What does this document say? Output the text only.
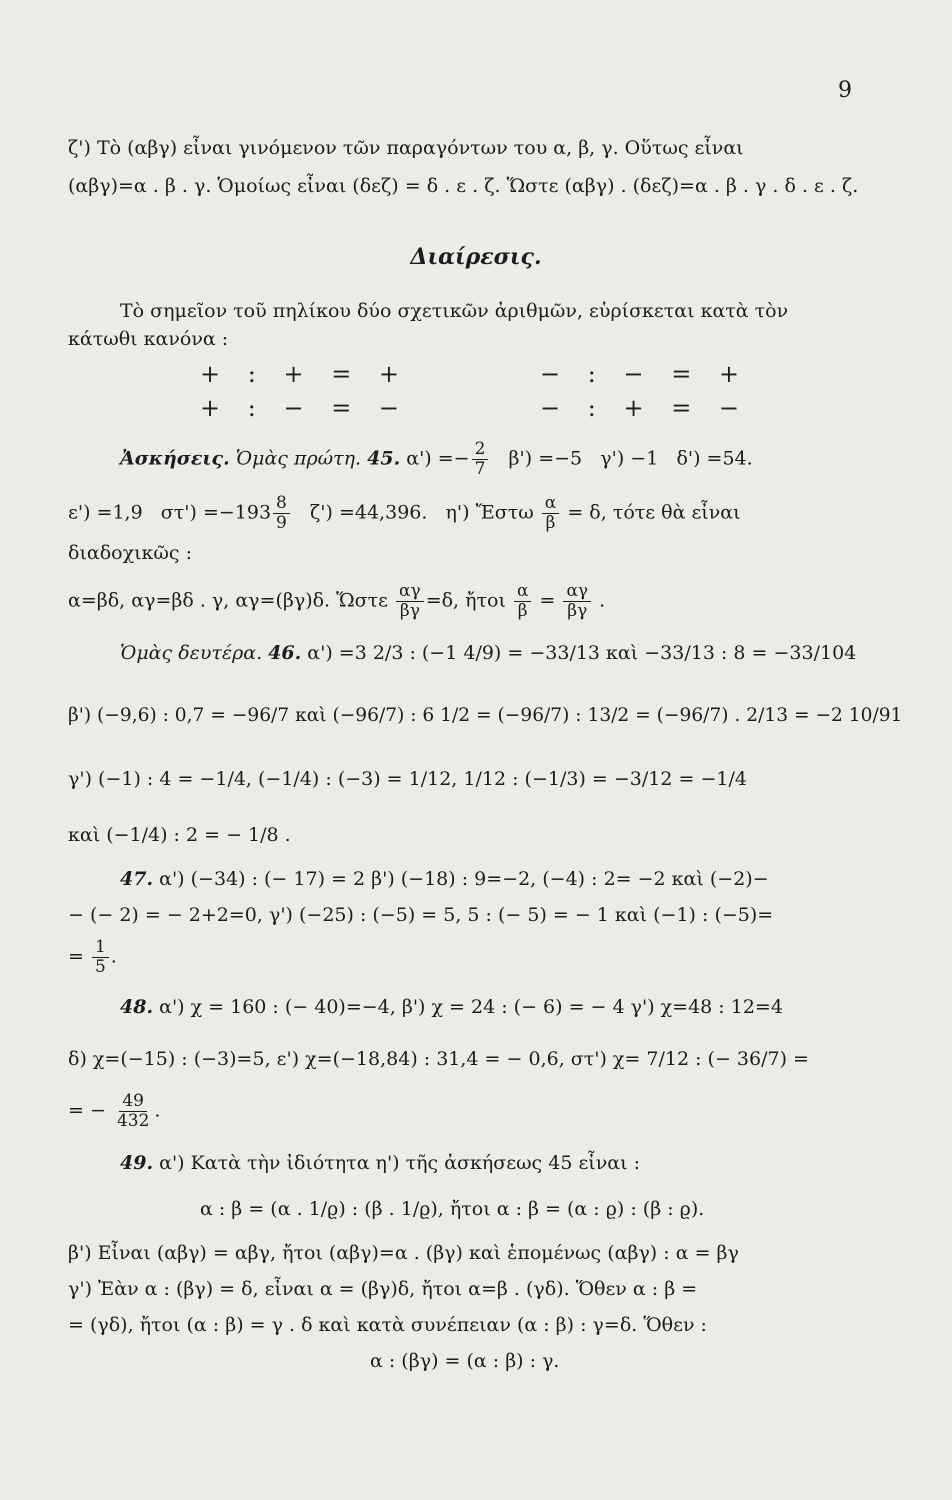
9
ζ') Τὸ (αβγ) εἶναι γινόμενον τῶν παραγόντων του α, β, γ. Οὕτως εἶναι
(αβγ)=α . β . γ. Ὁμοίως εἶναι (δεζ) = δ . ε . ζ. Ὥστε (αβγ) . (δεζ)=α . β . γ . δ . ε . ζ.
Διαίρεσις.
Τὸ σημεῖον τοῦ πηλίκου δύο σχετικῶν ἀριθμῶν, εὑρίσκεται κατὰ τὸν
κάτωθι κανόνα :
+ : + = +
+ : − = −
− : − = +
− : + = −
Ἀσκήσεις. Ὁμὰς πρώτη. 45. $\alpha') =- \frac{2}{7} \beta') =-5$ γ') −1 δ') =54.
ε') =1,9 $\sigma\tau') =-193 \frac{8}{9} \zeta') =44,396$. η') Ἔστω $\frac{\alpha}{\beta} = \delta$, τότε θὰ εἶναι
διαδοχικῶς :
α=βδ, αγ=βδ . γ, αγ=(βγ)δ. Ὥστε $\frac{\alpha\gamma}{\beta\gamma} =\delta$, ἤτοι $\frac{\alpha}{\beta} = \frac{\alpha\gamma}{\beta\gamma}$ .
Ὁμὰς δευτέρα. 46. α') =3 2/3 : (−1 4/9) = −33/13 καὶ −33/13 : 8 = −33/104
β') (−9,6) : 0,7 = −96/7 καὶ (−96/7) : 6 1/2 = (−96/7) : 13/2 = (−96/7) . 2/13 = −2 10/91
γ') (−1) : 4 = −1/4, (−1/4) : (−3) = 1/12, 1/12 : (−1/3) = −3/12 = −1/4
καὶ (−1/4) : 2 = − 1/8 .
47. α') (−34) : (− 17) = 2 β') (−18) : 9=−2, (−4) : 2= −2 καὶ (−2)−
− (− 2) = − 2+2=0, γ') (−25) : (−5) = 5, 5 : (− 5) = − 1 καὶ (−1) : (−5)=
= $\frac{1}{5}$ .
48. α') χ = 160 : (− 40)=−4, β') χ = 24 : (− 6) = − 4 γ') χ=48 : 12=4
δ) χ=(−15) : (−3)=5, ε') χ=(−18,84) : 31,4 = − 0,6, στ') χ= 7/12 : (− 36/7) =
= − $\frac{49}{432}$ .
49. α') Κατὰ τὴν ἰδιότητα η') τῆς ἀσκήσεως 45 εἶναι :
α : β = (α . 1/ϱ) : (β . 1/ϱ), ἤτοι α : β = (α : ϱ) : (β : ϱ).
β') Εἶναι (αβγ) = αβγ, ἤτοι (αβγ)=α . (βγ) καὶ ἑπομένως (αβγ) : α = βγ
γ') Ἐὰν α : (βγ) = δ, εἶναι α = (βγ)δ, ἤτοι α=β . (γδ). Ὅθεν α : β =
= (γδ), ἤτοι (α : β) = γ . δ καὶ κατὰ συνέπειαν (α : β) : γ=δ. Ὅθεν :
α : (βγ) = (α : β) : γ.
